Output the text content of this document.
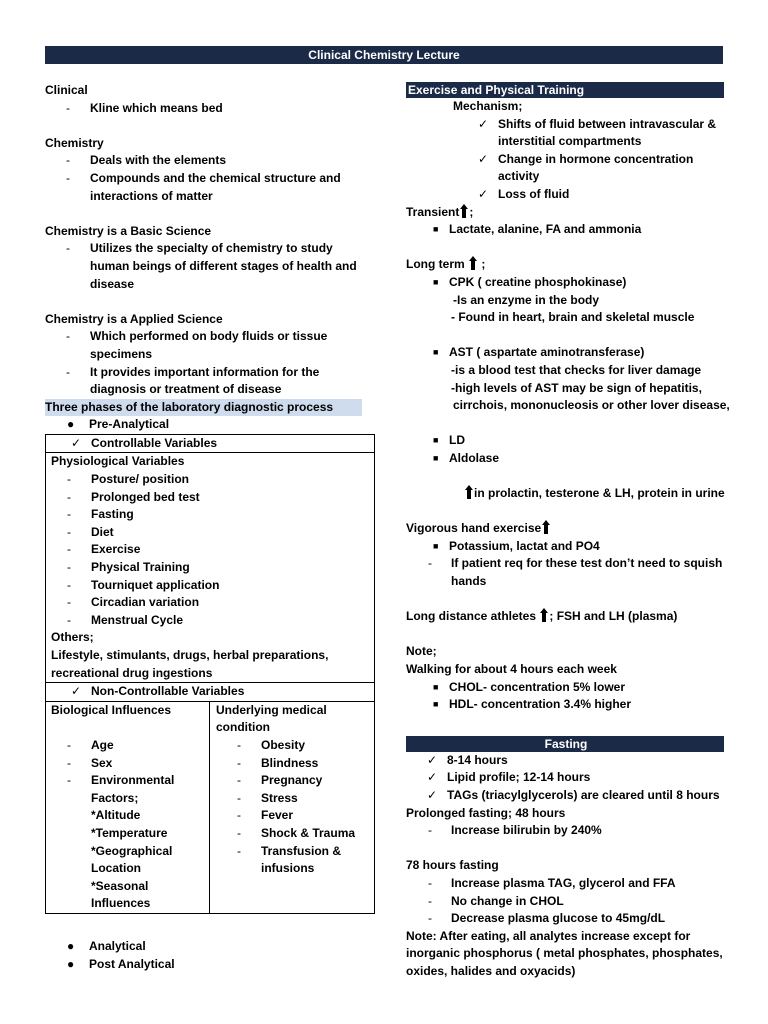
Clinical Chemistry Lecture
Clinical
-	Kline which means bed
Chemistry
-	Deals with the elements
-	Compounds and the chemical structure and interactions of matter
Chemistry is a Basic Science
-	Utilizes the specialty of chemistry to study human beings of different stages of health and disease
Chemistry is a Applied Science
-	Which performed on body fluids or tissue specimens
-	It provides important information for the diagnosis or treatment of disease
Three phases of the laboratory diagnostic process
●	Pre-Analytical
✓ Controllable Variables
Physiological Variables
-	Posture/ position
-	Prolonged bed test
-	Fasting
-	Diet
-	Exercise
-	Physical Training
-	Tourniquet application
-	Circadian variation
-	Menstrual Cycle
Others;
Lifestyle, stimulants, drugs, herbal preparations, recreational drug ingestions
✓ Non-Controllable Variables
Biological Influences
-	Age
-	Sex
-	Environmental Factors;
*Altitude
*Temperature
*Geographical Location
*Seasonal Influences
Underlying medical condition
-	Obesity
-	Blindness
-	Pregnancy
-	Stress
-	Fever
-	Shock & Trauma
-	Transfusion & infusions
●	Analytical
●	Post Analytical
Exercise and Physical Training
Mechanism;
✓ Shifts of fluid between intravascular & interstitial compartments
✓ Change in hormone concentration activity
✓ Loss of fluid
Transient ;
■ Lactate, alanine, FA and ammonia
Long term  ;
■ CPK ( creatine phosphokinase)
-Is an enzyme in the body
- Found in heart, brain and skeletal muscle
■ AST ( aspartate aminotransferase)
-is a blood test that checks for liver damage
-high levels of AST may be sign of hepatitis,
cirrchois, mononucleosis or other lover disease,
■ LD
■ Aldolase
in prolactin, testerone & LH, protein in urine
Vigorous hand exercise
■ Potassium, lactat and PO4
-	If patient req for these test don’t need to squish hands
Long distance athletes ; FSH and LH (plasma)
Note;
Walking for about 4 hours each week
■ CHOL- concentration 5% lower
■ HDL- concentration 3.4% higher
Fasting
✓ 8-14 hours
✓ Lipid profile; 12-14 hours
✓ TAGs (triacylglycerols) are cleared until 8 hours
Prolonged fasting; 48 hours
-	Increase bilirubin by 240%
78 hours fasting
-	Increase plasma TAG, glycerol and FFA
-	No change in CHOL
-	Decrease plasma glucose to 45mg/dL
Note: After eating, all analytes increase except for inorganic phosphorus ( metal phosphates, phosphates, oxides, halides and oxyacids)
